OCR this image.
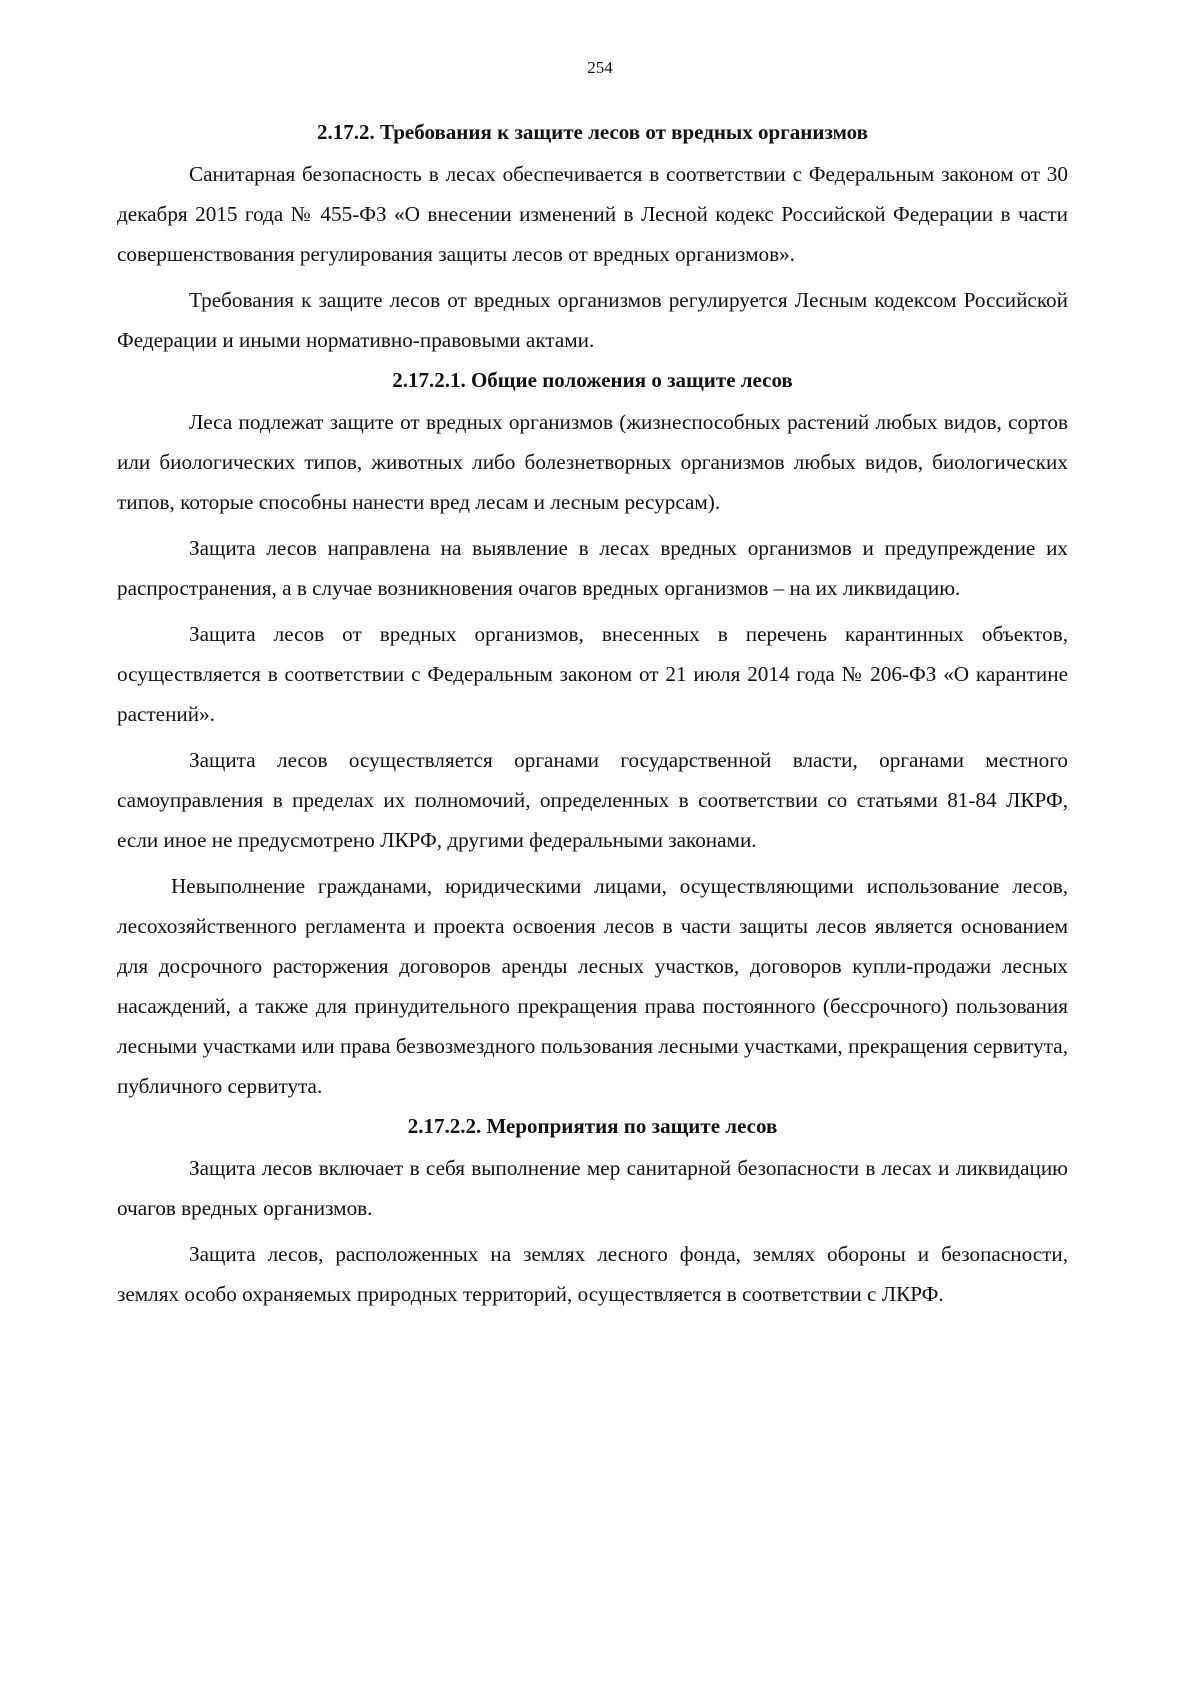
254
2.17.2. Требования к защите лесов от вредных организмов

Санитарная безопасность в лесах обеспечивается в соответствии с Федеральным законом от 30 декабря 2015 года № 455-ФЗ «О внесении изменений в Лесной кодекс Российской Федерации в части совершенствования регулирования защиты лесов от вредных организмов».

Требования к защите лесов от вредных организмов регулируется Лесным кодексом Российской Федерации и иными нормативно-правовыми актами.

2.17.2.1. Общие положения о защите лесов

Леса подлежат защите от вредных организмов (жизнеспособных растений любых видов, сортов или биологических типов, животных либо болезнетворных организмов любых видов, биологических типов, которые способны нанести вред лесам и лесным ресурсам).

Защита лесов направлена на выявление в лесах вредных организмов и предупреждение их распространения, а в случае возникновения очагов вредных организмов – на их ликвидацию.

Защита лесов от вредных организмов, внесенных в перечень карантинных объектов, осуществляется в соответствии с Федеральным законом от 21 июля 2014 года № 206-ФЗ «О карантине растений».

Защита лесов осуществляется органами государственной власти, органами местного самоуправления в пределах их полномочий, определенных в соответствии со статьями 81-84 ЛКРФ, если иное не предусмотрено ЛКРФ, другими федеральными законами.

Невыполнение гражданами, юридическими лицами, осуществляющими использование лесов, лесохозяйственного регламента и проекта освоения лесов в части защиты лесов является основанием для досрочного расторжения договоров аренды лесных участков, договоров купли-продажи лесных насаждений, а также для принудительного прекращения права постоянного (бессрочного) пользования лесными участками или права безвозмездного пользования лесными участками, прекращения сервитута, публичного сервитута.

2.17.2.2. Мероприятия по защите лесов

Защита лесов включает в себя выполнение мер санитарной безопасности в лесах и ликвидацию очагов вредных организмов.

Защита лесов, расположенных на землях лесного фонда, землях обороны и безопасности, землях особо охраняемых природных территорий, осуществляется в соответствии с ЛКРФ.
